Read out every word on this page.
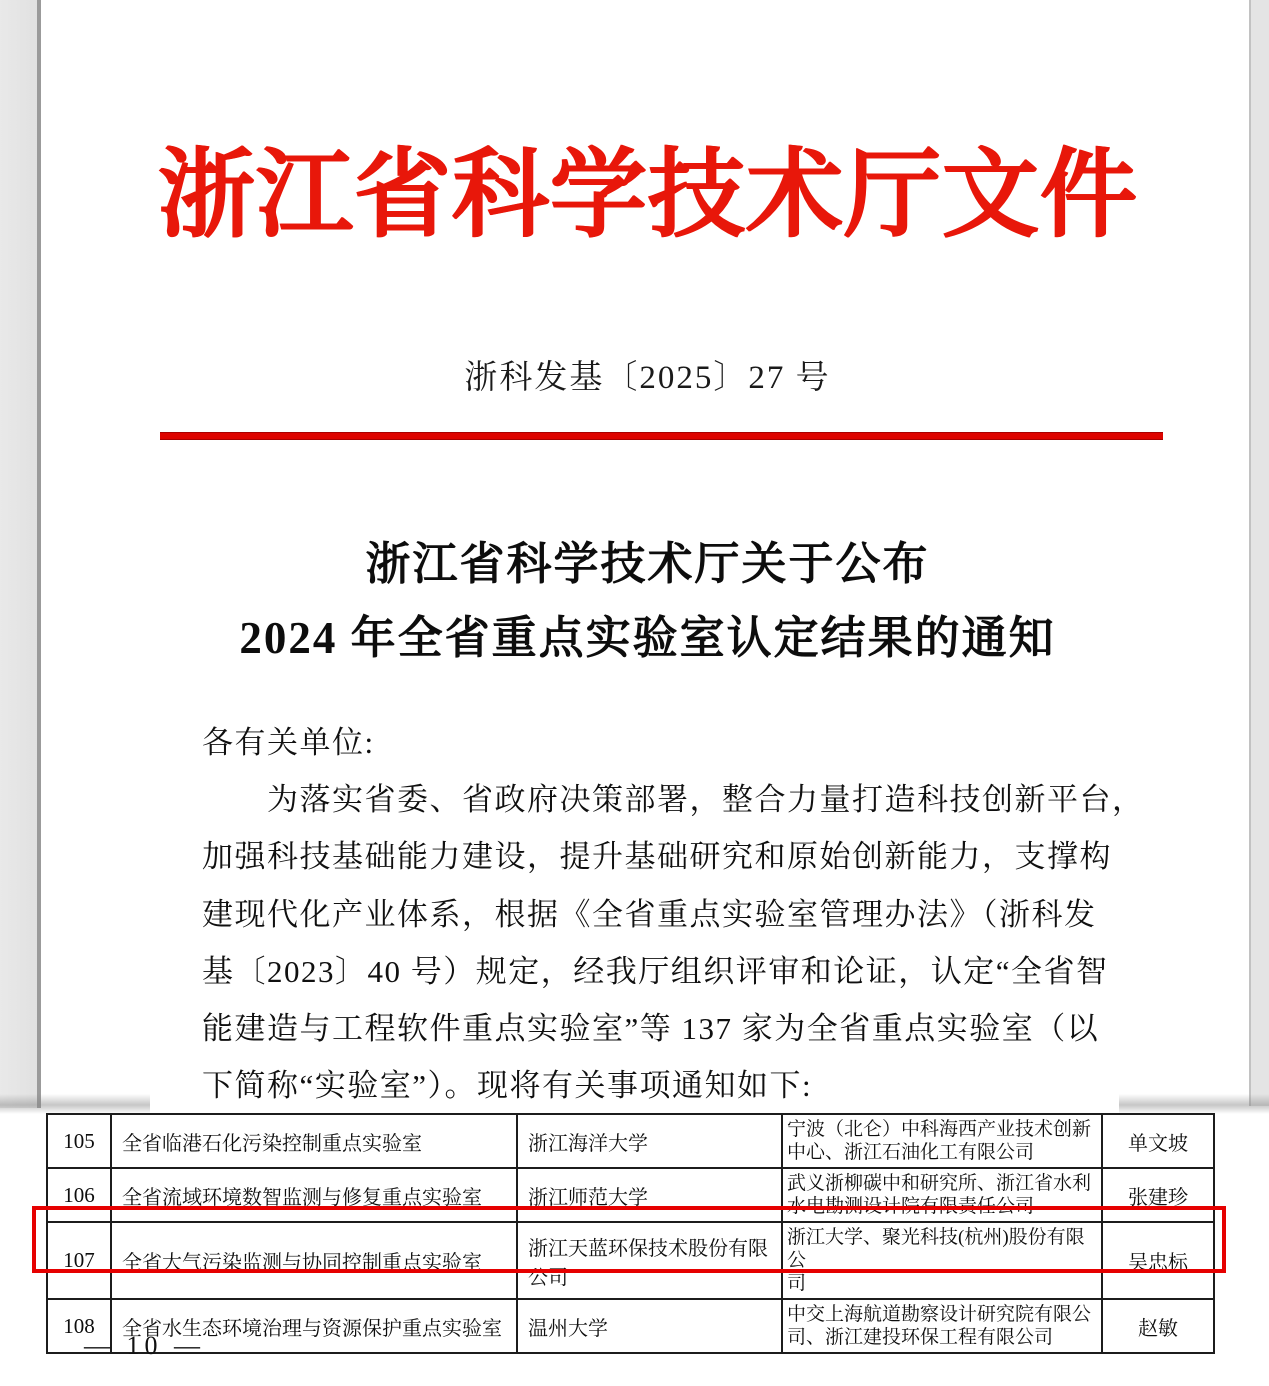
浙江省科学技术厅文件
浙科发基〔2025〕27 号
浙江省科学技术厅关于公布
2024 年全省重点实验室认定结果的通知
各有关单位:
为落实省委、省政府决策部署，整合力量打造科技创新平台，
加强科技基础能力建设，提升基础研究和原始创新能力，支撑构
建现代化产业体系，根据《全省重点实验室管理办法》（浙科发
基〔2023〕40 号）规定，经我厅组织评审和论证，认定“全省智
能建造与工程软件重点实验室”等 137 家为全省重点实验室（以
下简称“实验室”）。现将有关事项通知如下:
105	全省临港石化污染控制重点实验室	浙江海洋大学	宁波（北仑）中科海西产业技术创新
中心、浙江石油化工有限公司	单文坡
106	全省流域环境数智监测与修复重点实验室	浙江师范大学	武义浙柳碳中和研究所、浙江省水利
水电勘测设计院有限责任公司	张建珍
107	全省大气污染监测与协同控制重点实验室	浙江天蓝环保技术股份有限公司	浙江大学、聚光科技(杭州)股份有限公
司	吴忠标
108	全省水生态环境治理与资源保护重点实验室	温州大学	中交上海航道勘察设计研究院有限公
司、浙江建投环保工程有限公司	赵敏
— 10 —
